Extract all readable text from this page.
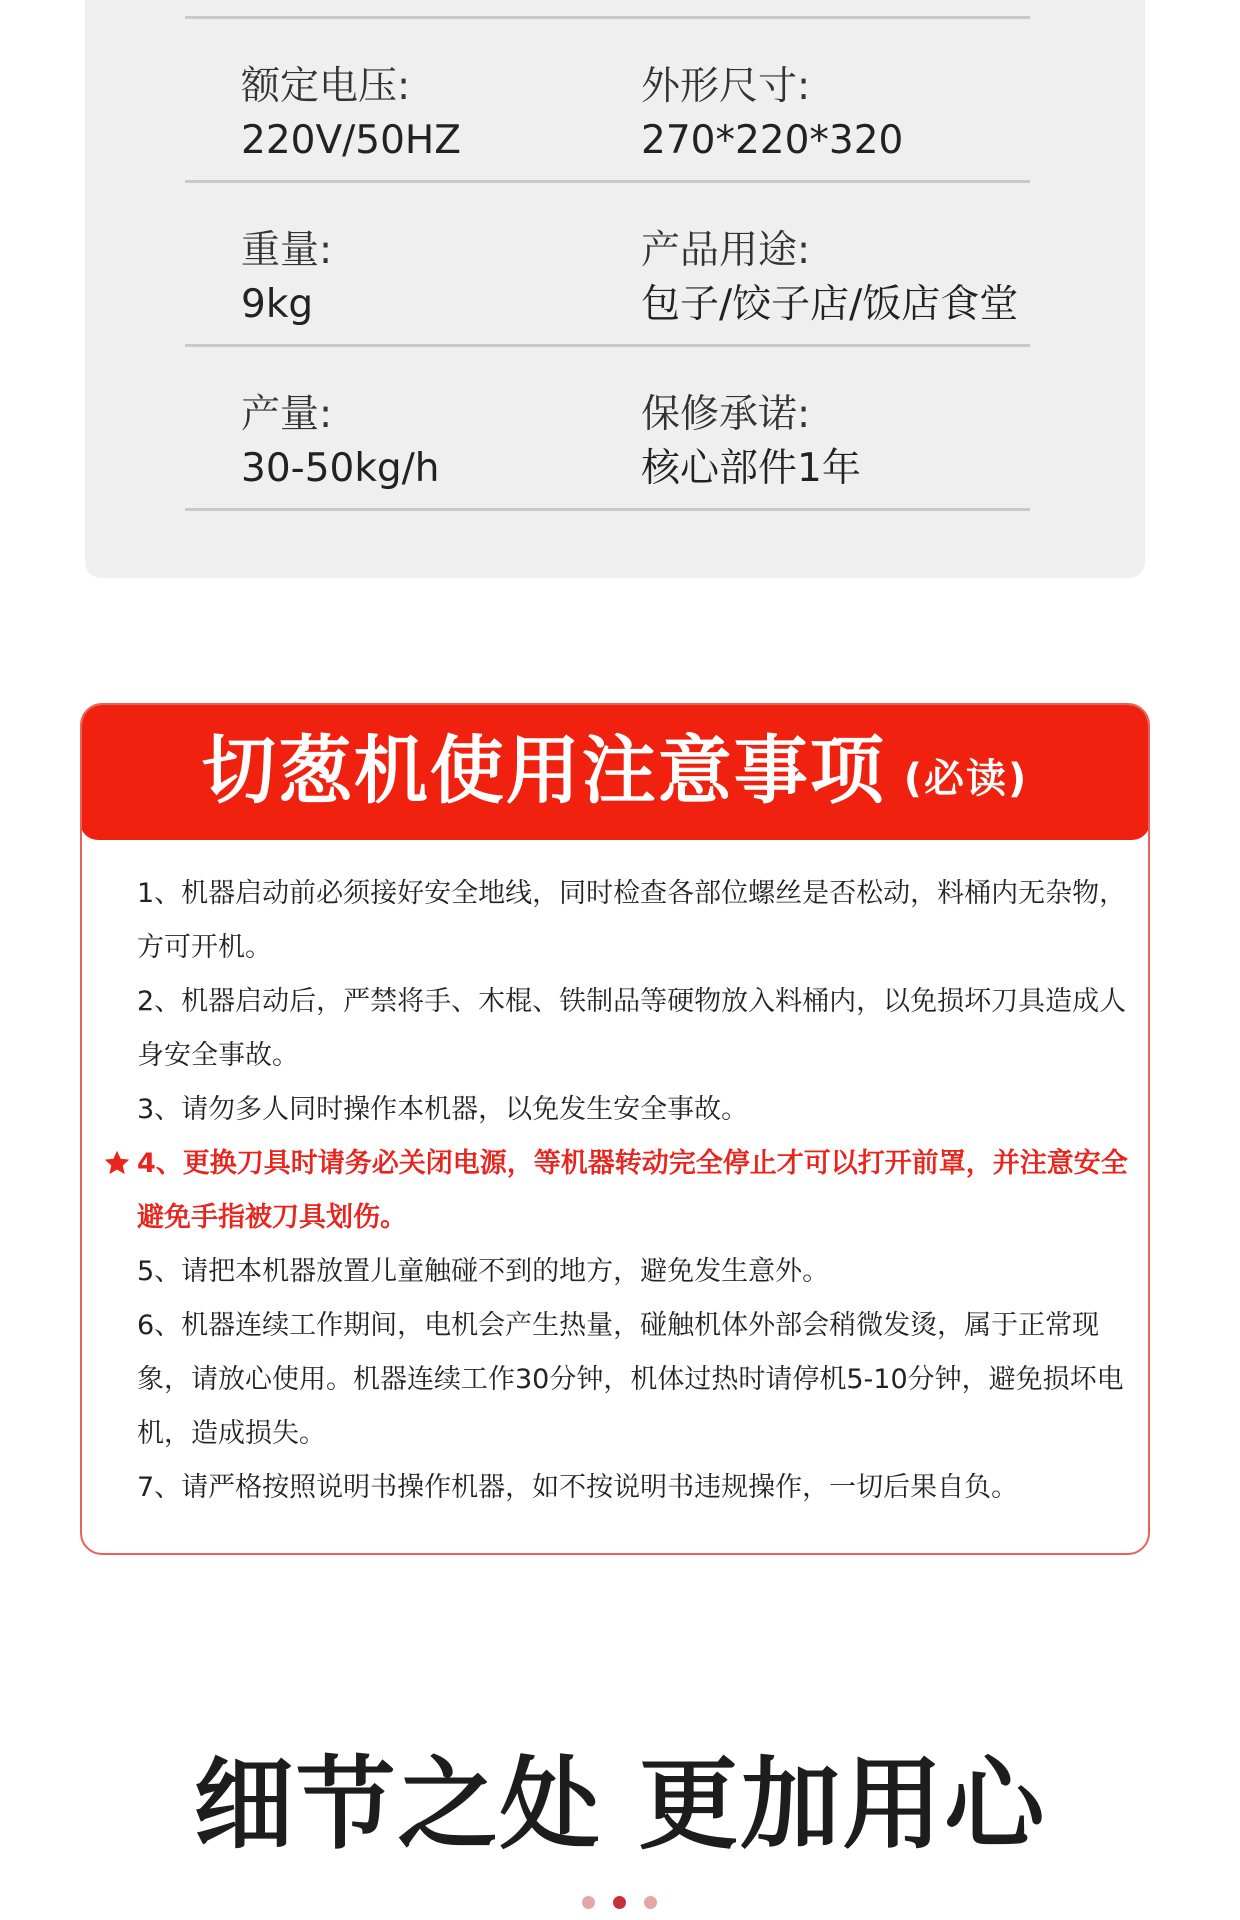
额定电压:
220V/50HZ
外形尺寸:
270*220*320
重量:
9kg
产品用途:
包子/饺子店/饭店食堂
产量:
30-50kg/h
保修承诺:
核心部件1年
切葱机使用注意事项 (必读)

1、机器启动前必须接好安全地线，同时检查各部位螺丝是否松动，料桶内无杂物，方可开机。

2、机器启动后，严禁将手、木棍、铁制品等硬物放入料桶内，以免损坏刀具造成人身安全事故。

3、请勿多人同时操作本机器，以免发生安全事故。

4、更换刀具时请务必关闭电源，等机器转动完全停止才可以打开前罩，并注意安全避免手指被刀具划伤。

5、请把本机器放置儿童触碰不到的地方，避免发生意外。

6、机器连续工作期间，电机会产生热量，碰触机体外部会稍微发烫，属于正常现象，请放心使用。机器连续工作30分钟，机体过热时请停机5-10分钟，避免损坏电机，造成损失。

7、请严格按照说明书操作机器，如不按说明书违规操作，一切后果自负。

细节之处 更加用心
